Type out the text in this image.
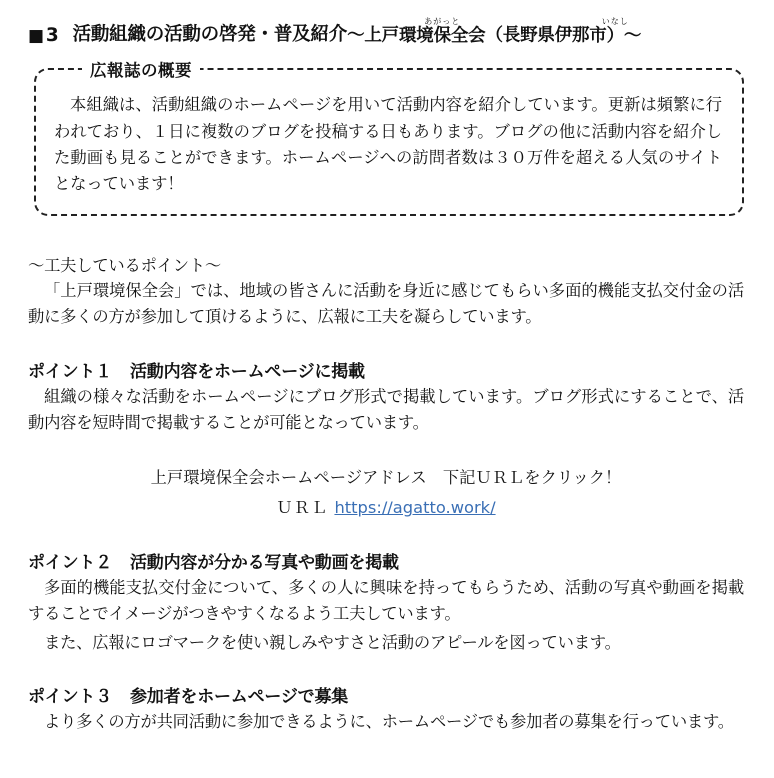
■ 3 活動組織の活動の啓発・普及紹介 ～上戸
あがっと
環境保全会 （長野県伊那
いなし
市）～
広報誌の概要
本組織は、活動組織のホームページを用いて活動内容を紹介しています。更新は頻繁に行われており、１日に複数のブログを投稿する日もあります。ブログの他に活動内容を紹介した動画も見ることができます。ホームページへの訪問者数は３０万件を超える人気のサイトとなっています！
～工夫しているポイント～
「上戸環境保全会」では、地域の皆さんに活動を身近に感じてもらい多面的機能支払交付金の活動に多くの方が参加して頂けるように、広報に工夫を凝らしています。
ポイント１ 活動内容をホームページに掲載
組織の様々な活動をホームページにブログ形式で掲載しています。ブログ形式にすることで、活動内容を短時間で掲載することが可能となっています。
上戸環境保全会ホームページアドレス　下記ＵＲＬをクリック！
ＵＲＬ https://agatto.work/
ポイント２ 活動内容が分かる写真や動画を掲載
多面的機能支払交付金について、多くの人に興味を持ってもらうため、活動の写真や動画を掲載することでイメージがつきやすくなるよう工夫しています。
また、広報にロゴマークを使い親しみやすさと活動のアピールを図っています。
ポイント３ 参加者をホームページで募集
より多くの方が共同活動に参加できるように、ホームページでも参加者の募集を行っています。
